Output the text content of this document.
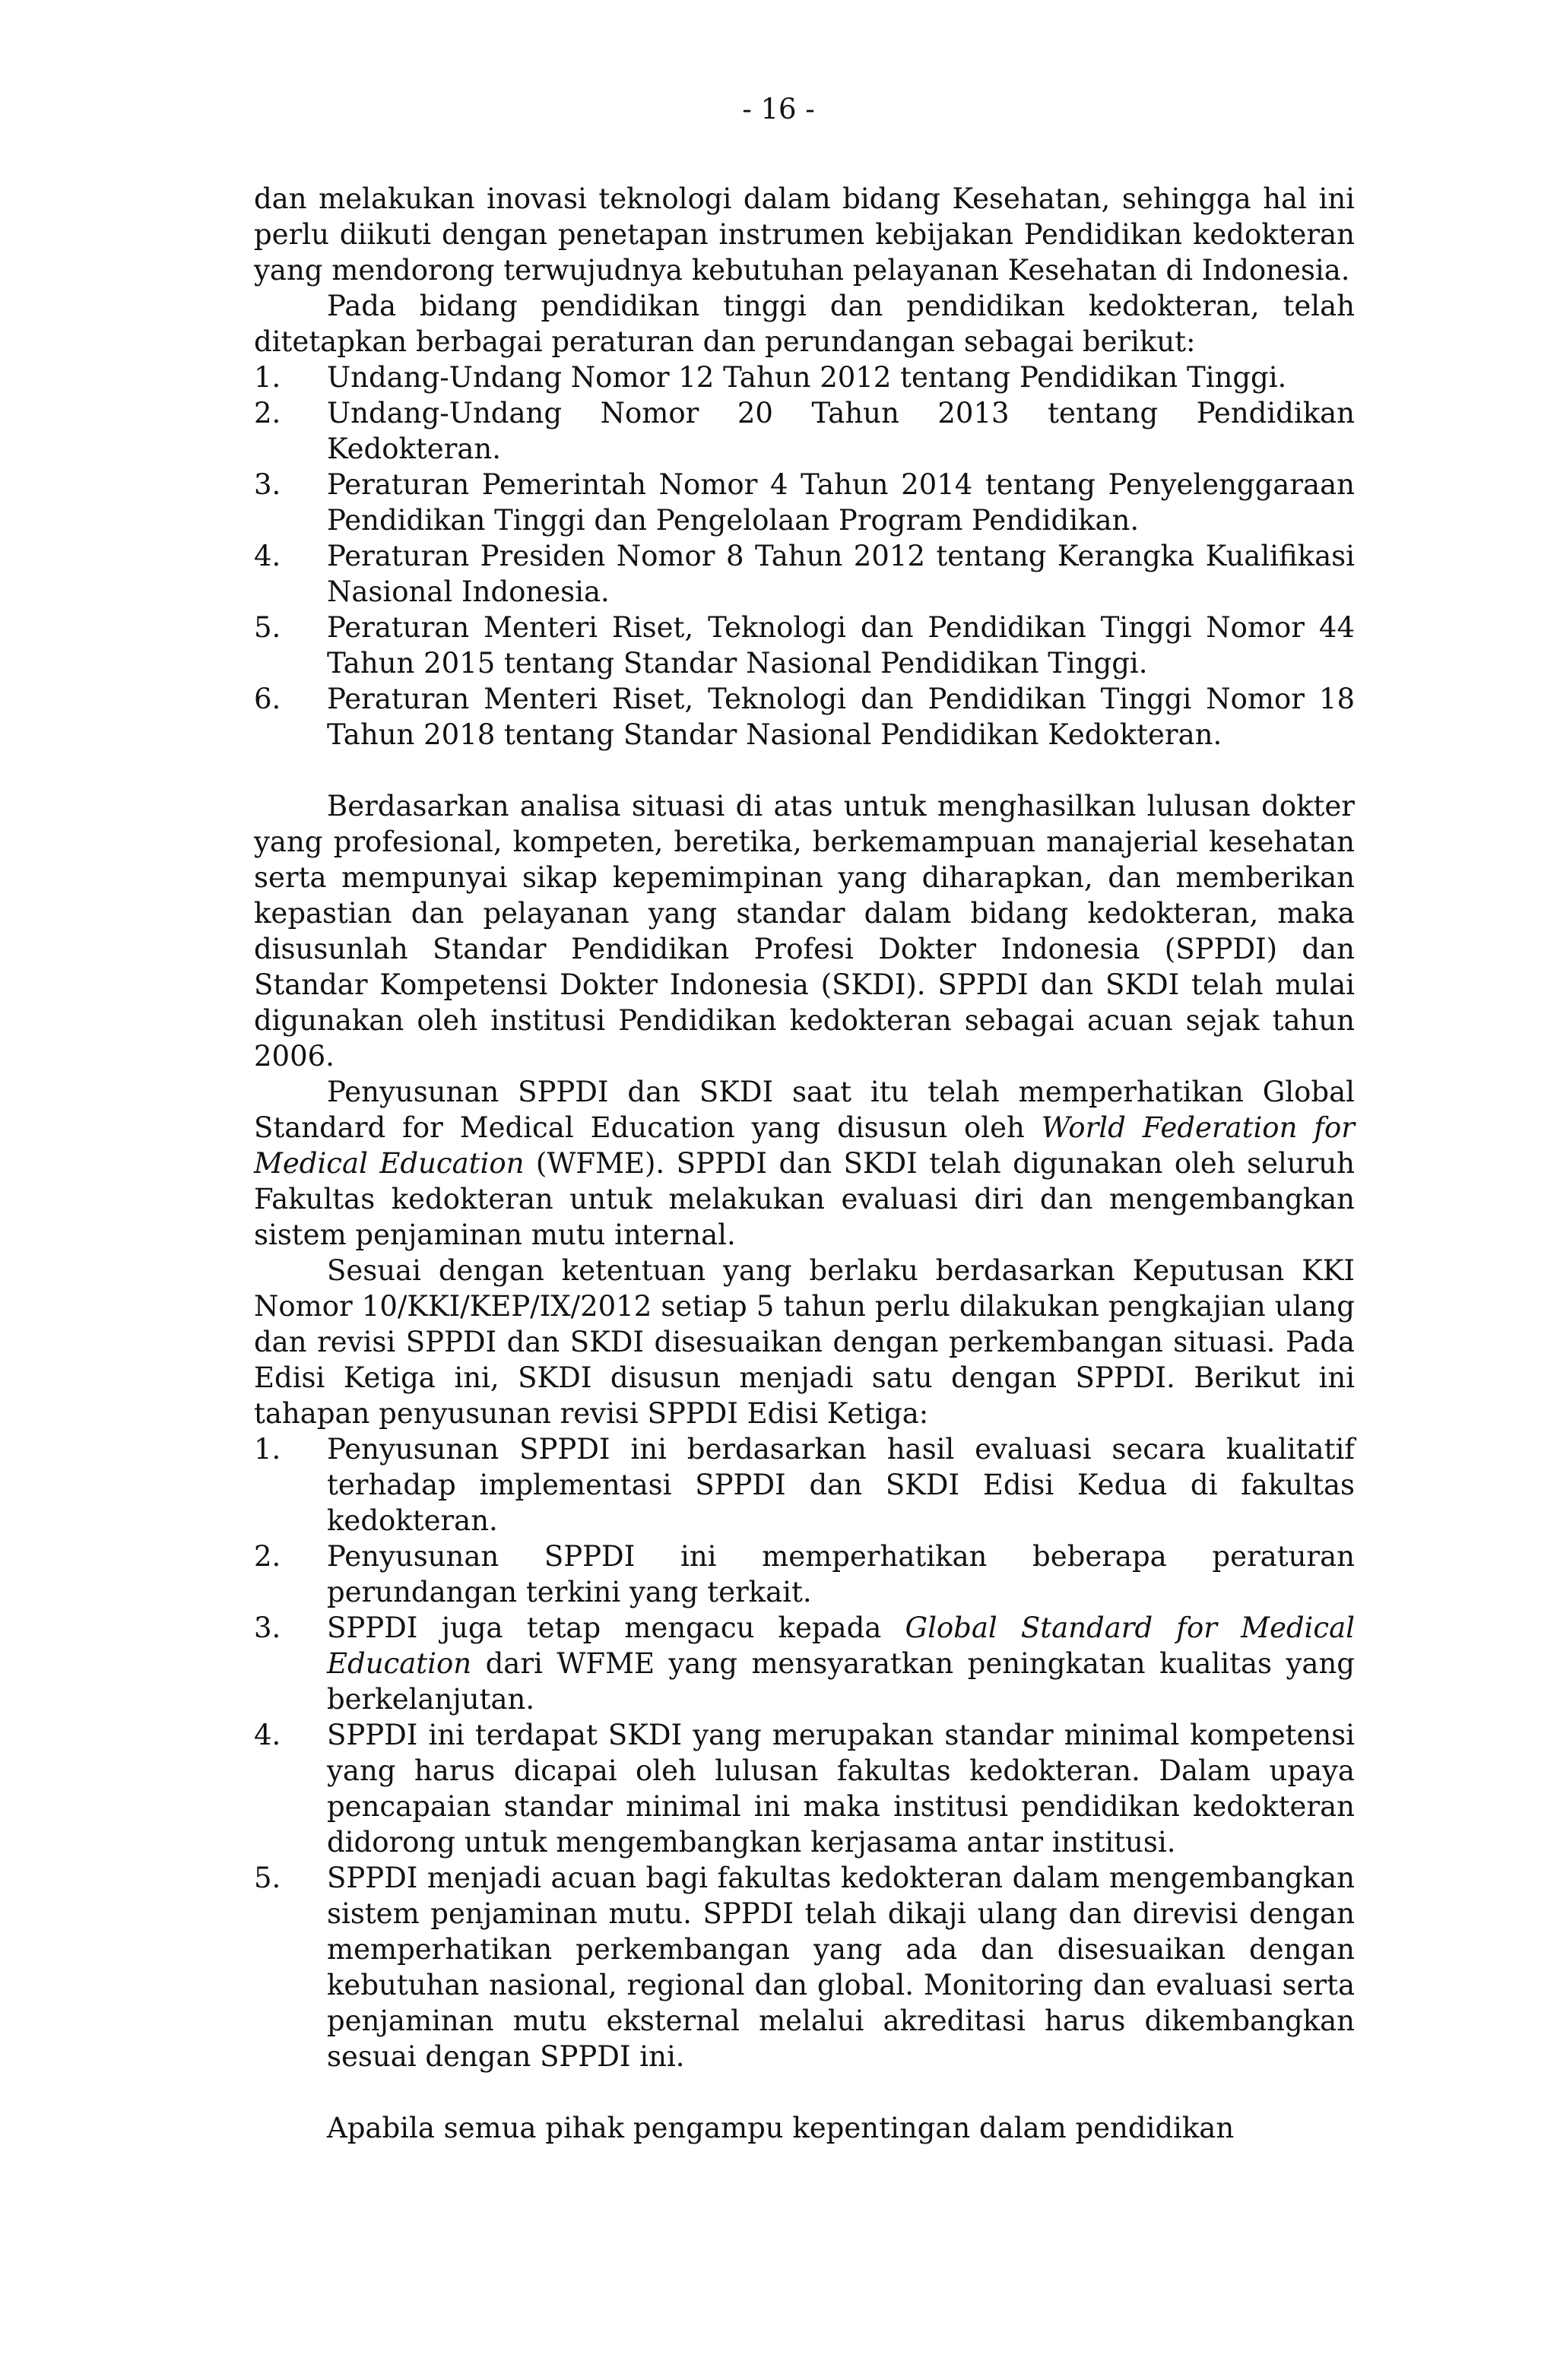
- 16 -

dan melakukan inovasi teknologi dalam bidang Kesehatan, sehingga hal ini perlu diikuti dengan penetapan instrumen kebijakan Pendidikan kedokteran yang mendorong terwujudnya kebutuhan pelayanan Kesehatan di Indonesia.

Pada bidang pendidikan tinggi dan pendidikan kedokteran, telah ditetapkan berbagai peraturan dan perundangan sebagai berikut:

1.	Undang-Undang Nomor 12 Tahun 2012 tentang Pendidikan Tinggi.
2.	Undang-Undang Nomor 20 Tahun 2013 tentang Pendidikan Kedokteran.
3.	Peraturan Pemerintah Nomor 4 Tahun 2014 tentang Penyelenggaraan Pendidikan Tinggi dan Pengelolaan Program Pendidikan.
4.	Peraturan Presiden Nomor 8 Tahun 2012 tentang Kerangka Kualifikasi Nasional Indonesia.
5.	Peraturan Menteri Riset, Teknologi dan Pendidikan Tinggi Nomor 44 Tahun 2015 tentang Standar Nasional Pendidikan Tinggi.
6.	Peraturan Menteri Riset, Teknologi dan Pendidikan Tinggi Nomor 18 Tahun 2018 tentang Standar Nasional Pendidikan Kedokteran.

Berdasarkan analisa situasi di atas untuk menghasilkan lulusan dokter yang profesional, kompeten, beretika, berkemampuan manajerial kesehatan serta mempunyai sikap kepemimpinan yang diharapkan, dan memberikan kepastian dan pelayanan yang standar dalam bidang kedokteran, maka disusunlah Standar Pendidikan Profesi Dokter Indonesia (SPPDI) dan Standar Kompetensi Dokter Indonesia (SKDI). SPPDI dan SKDI telah mulai digunakan oleh institusi Pendidikan kedokteran sebagai acuan sejak tahun 2006.

Penyusunan SPPDI dan SKDI saat itu telah memperhatikan Global Standard for Medical Education yang disusun oleh World Federation for Medical Education (WFME). SPPDI dan SKDI telah digunakan oleh seluruh Fakultas kedokteran untuk melakukan evaluasi diri dan mengembangkan sistem penjaminan mutu internal.

Sesuai dengan ketentuan yang berlaku berdasarkan Keputusan KKI Nomor 10/KKI/KEP/IX/2012 setiap 5 tahun perlu dilakukan pengkajian ulang dan revisi SPPDI dan SKDI disesuaikan dengan perkembangan situasi. Pada Edisi Ketiga ini, SKDI disusun menjadi satu dengan SPPDI. Berikut ini tahapan penyusunan revisi SPPDI Edisi Ketiga:

1.	Penyusunan SPPDI ini berdasarkan hasil evaluasi secara kualitatif terhadap implementasi SPPDI dan SKDI Edisi Kedua di fakultas kedokteran.
2.	Penyusunan SPPDI ini memperhatikan beberapa peraturan perundangan terkini yang terkait.
3.	SPPDI juga tetap mengacu kepada Global Standard for Medical Education dari WFME yang mensyaratkan peningkatan kualitas yang berkelanjutan.
4.	SPPDI ini terdapat SKDI yang merupakan standar minimal kompetensi yang harus dicapai oleh lulusan fakultas kedokteran. Dalam upaya pencapaian standar minimal ini maka institusi pendidikan kedokteran didorong untuk mengembangkan kerjasama antar institusi.
5.	SPPDI menjadi acuan bagi fakultas kedokteran dalam mengembangkan sistem penjaminan mutu. SPPDI telah dikaji ulang dan direvisi dengan memperhatikan perkembangan yang ada dan disesuaikan dengan kebutuhan nasional, regional dan global. Monitoring dan evaluasi serta penjaminan mutu eksternal melalui akreditasi harus dikembangkan sesuai dengan SPPDI ini.

Apabila semua pihak pengampu kepentingan dalam pendidikan
